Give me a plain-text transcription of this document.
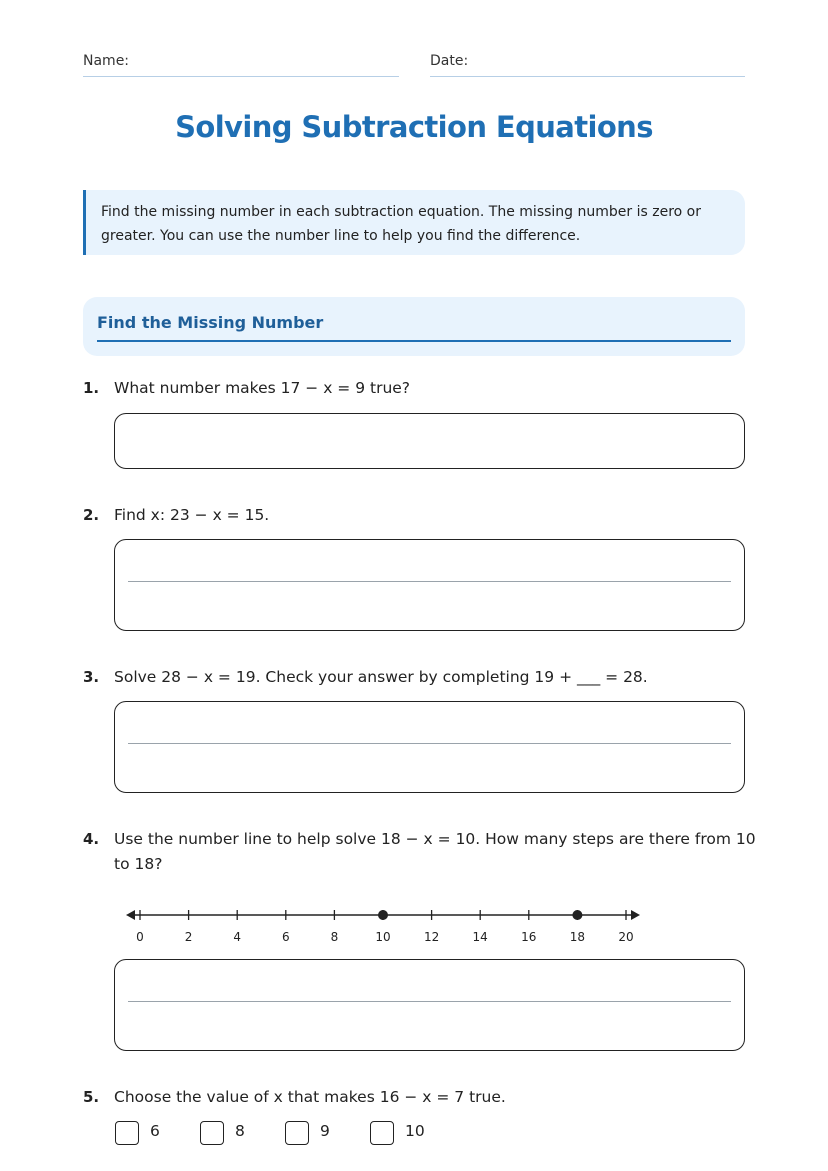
Name:	Date:
Solving Subtraction Equations
Find the missing number in each subtraction equation. The missing number is zero or greater. You can use the number line to help you find the difference.
Find the Missing Number
1. What number makes 17 − x = 9 true?
2. Find x: 23 − x = 15.
3. Solve 28 − x = 19. Check your answer by completing 19 + ___ = 28.
4. Use the number line to help solve 18 − x = 10. How many steps are there from 10
to 18?
0	2	4	6	8	10	12	14	16	18	20
5. Choose the value of x that makes 16 − x = 7 true.
6	8	9	10
